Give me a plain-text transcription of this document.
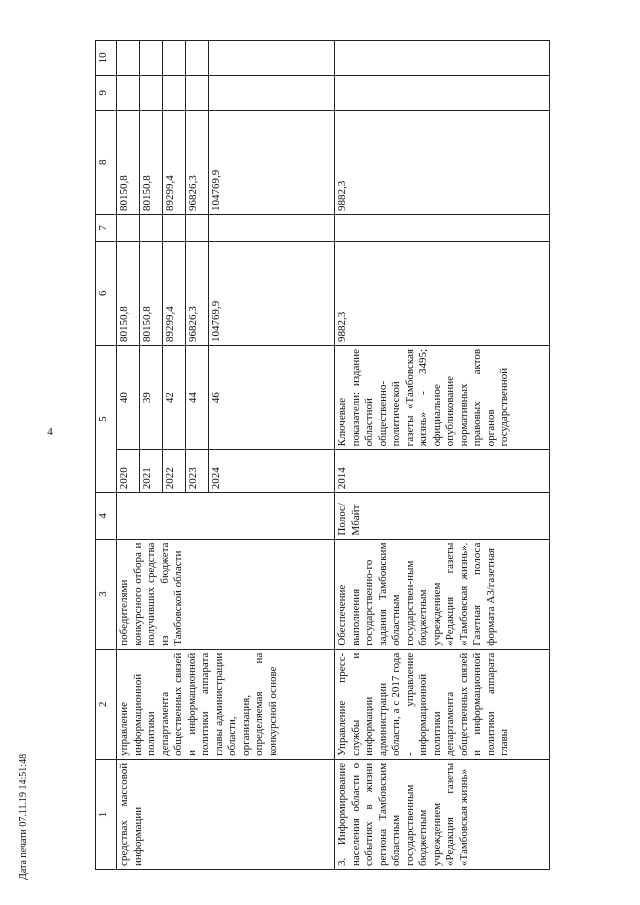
4
1	2	3	4	5		6	7	8	9	10
средствах массовой информации	управление информационной политики департамента общественных связей и информационной политики аппарата главы администрации области, организация, определяемая на конкурсной основе	победителями конкурсного отбора и получивших средства из бюджета Тамбовской области		2020	40	80150,8		80150,8		
				2021	39	80150,8		80150,8		
				2022	42	89299,4		89299,4		
				2023	44	96826,3		96826,3		
				2024	46	104769,9		104769,9		
3. Информирование населения области о событиях в жизни региона Тамбовским областным государственным бюджетным учреждением «Редакция газеты «Тамбовская жизнь»	Управление пресс-службы и информации администрации области, а с 2017 года - управление информационной политики департамента общественных связей и информационной политики аппарата главы	Обеспечение выполнения государственно-го задания Тамбовским областным государствен-ным бюджетным учреждением «Редакция газеты «Тамбовская жизнь». Газетная полоса формата А3/газетная	Полос/ Мбайт	2014	Ключевые показатели: издание областной общественно-политической газеты «Тамбовская жизнь» - 3495; официальное опубликование нормативных правовых актов органов государственной	9882,3		9882,3		
Дата печати 07.11.19 14:51:48
